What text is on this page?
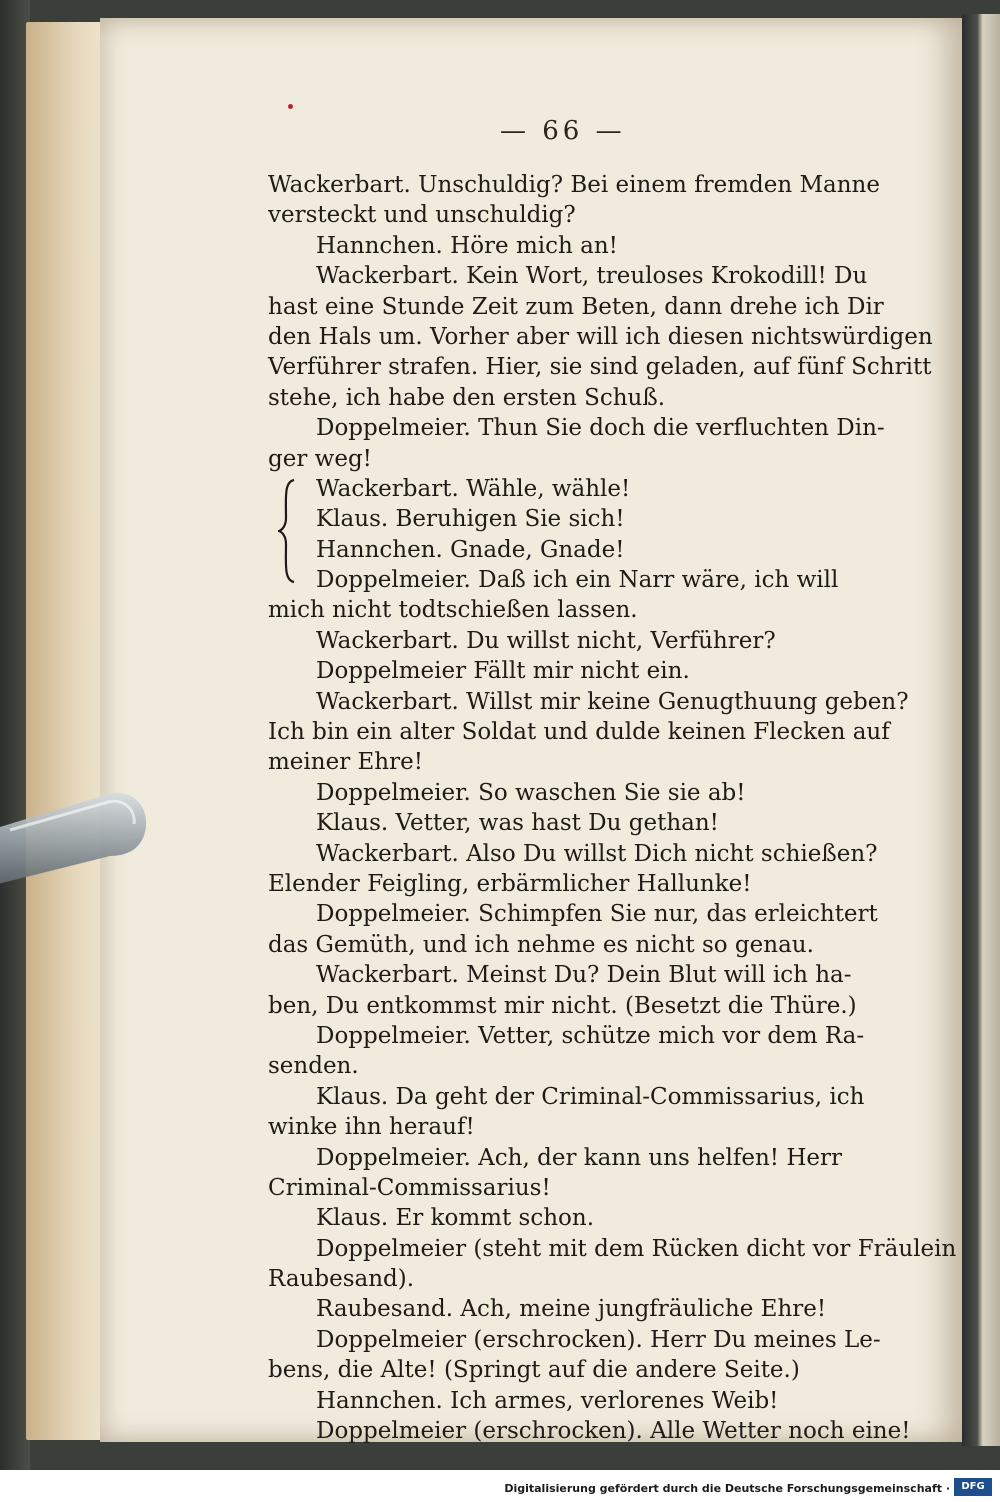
— 66 —
Wackerbart. Unschuldig? Bei einem fremden Manne
versteckt und unschuldig?
Hannchen. Höre mich an!
Wackerbart. Kein Wort, treuloses Krokodill! Du
hast eine Stunde Zeit zum Beten, dann drehe ich Dir
den Hals um. Vorher aber will ich diesen nichtswürdigen
Verführer strafen. Hier, sie sind geladen, auf fünf Schritt
stehe, ich habe den ersten Schuß.
Doppelmeier. Thun Sie doch die verfluchten Din-
ger weg!
Wackerbart. Wähle, wähle!
Klaus. Beruhigen Sie sich!
Hannchen. Gnade, Gnade!
Doppelmeier. Daß ich ein Narr wäre, ich will
mich nicht todtschießen lassen.
Wackerbart. Du willst nicht, Verführer?
Doppelmeier Fällt mir nicht ein.
Wackerbart. Willst mir keine Genugthuung geben?
Ich bin ein alter Soldat und dulde keinen Flecken auf
meiner Ehre!
Doppelmeier. So waschen Sie sie ab!
Klaus. Vetter, was hast Du gethan!
Wackerbart. Also Du willst Dich nicht schießen?
Elender Feigling, erbärmlicher Hallunke!
Doppelmeier. Schimpfen Sie nur, das erleichtert
das Gemüth, und ich nehme es nicht so genau.
Wackerbart. Meinst Du? Dein Blut will ich ha-
ben, Du entkommst mir nicht. (Besetzt die Thüre.)
Doppelmeier. Vetter, schütze mich vor dem Ra-
senden.
Klaus. Da geht der Criminal-Commissarius, ich
winke ihn herauf!
Doppelmeier. Ach, der kann uns helfen! Herr
Criminal-Commissarius!
Klaus. Er kommt schon.
Doppelmeier (steht mit dem Rücken dicht vor Fräulein
Raubesand).
Raubesand. Ach, meine jungfräuliche Ehre!
Doppelmeier (erschrocken). Herr Du meines Le-
bens, die Alte! (Springt auf die andere Seite.)
Hannchen. Ich armes, verlorenes Weib!
Doppelmeier (erschrocken). Alle Wetter noch eine!
Digitalisierung gefördert durch die Deutsche Forschungsgemeinschaft ·	DFG
